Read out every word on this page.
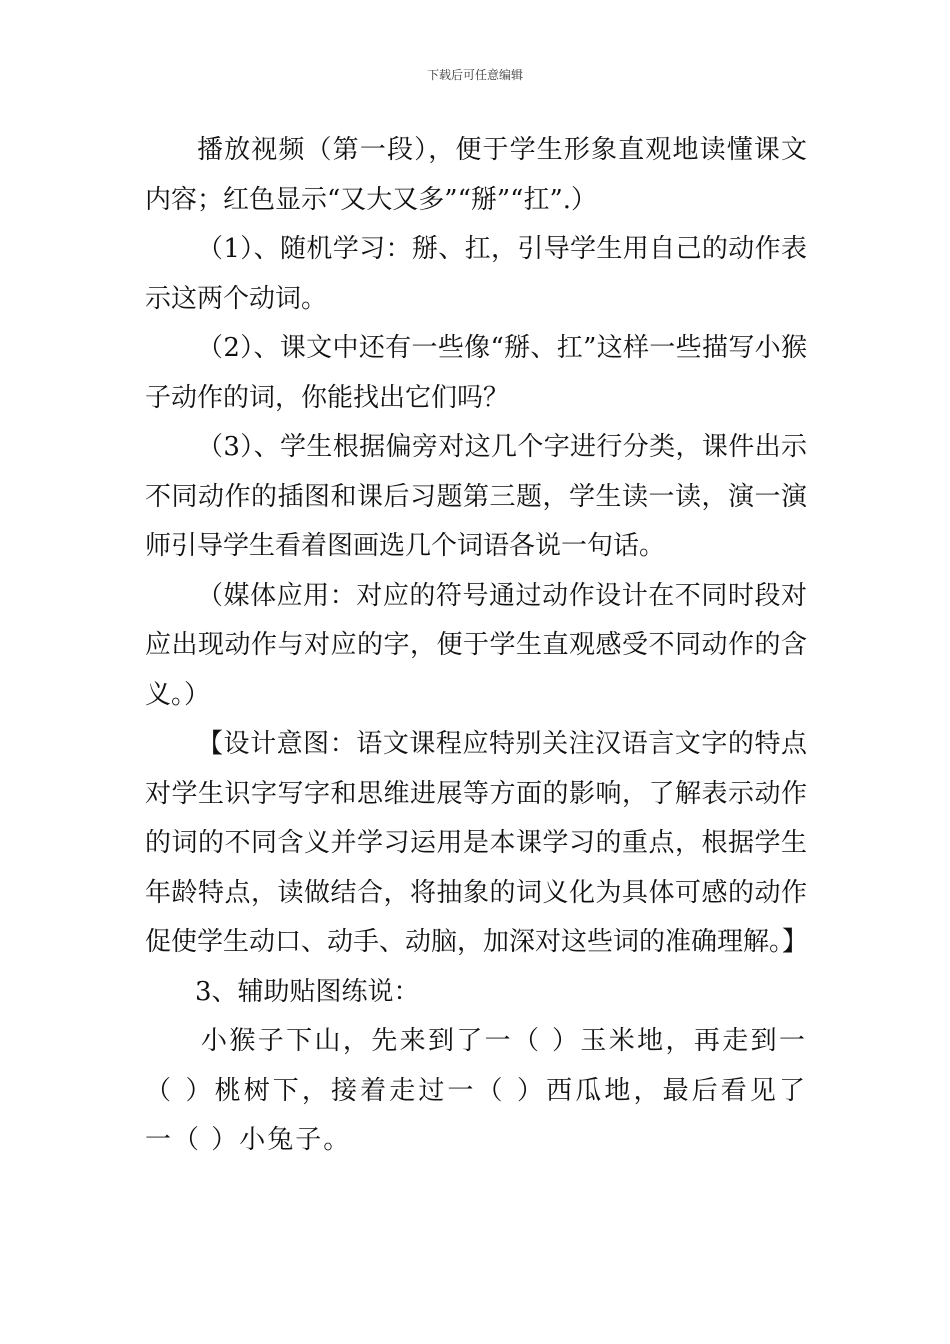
下载后可任意编辑

播放视频（第一段），便于学生形象直观地读懂课文内容；红色显示“又大又多”“掰”“扛”.）

（1）、随机学习：掰、扛，引导学生用自己的动作表示这两个动词。

（2）、课文中还有一些像“掰、扛”这样一些描写小猴子动作的词，你能找出它们吗？

（3）、学生根据偏旁对这几个字进行分类，课件出示不同动作的插图和课后习题第三题，学生读一读，演一演师引导学生看着图画选几个词语各说一句话。

（媒体应用：对应的符号通过动作设计在不同时段对应出现动作与对应的字，便于学生直观感受不同动作的含义。）

【设计意图：语文课程应特别关注汉语言文字的特点对学生识字写字和思维进展等方面的影响，了解表示动作的词的不同含义并学习运用是本课学习的重点，根据学生年龄特点，读做结合，将抽象的词义化为具体可感的动作促使学生动口、动手、动脑，加深对这些词的准确理解。】

3、辅助贴图练说：

小猴子下山，先来到了一（ ）玉米地，再走到一（ ）桃树下，接着走过一（ ）西瓜地，最后看见了一（ ）小兔子。
